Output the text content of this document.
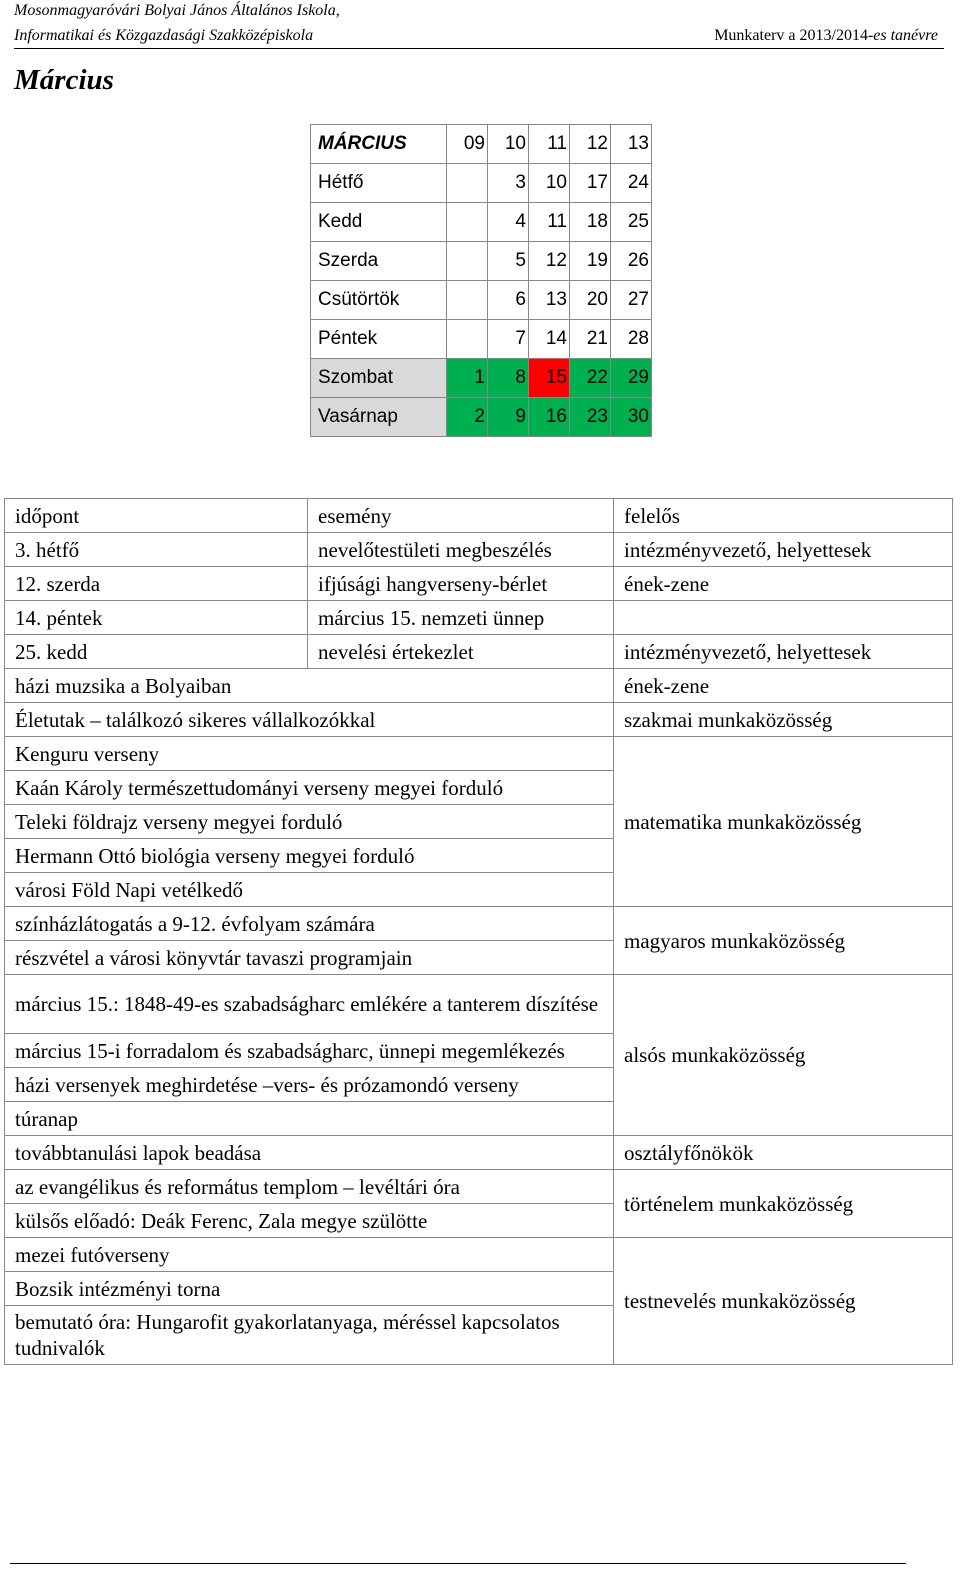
Mosonmagyaróvári Bolyai János Általános Iskola,
Informatikai és Közgazdasági Szakközépiskola	Munkaterv a 2013/2014-es tanévre
Március
MÁRCIUS	09	10	11	12	13
Hétfő		3	10	17	24
Kedd		4	11	18	25
Szerda		5	12	19	26
Csütörtök		6	13	20	27
Péntek		7	14	21	28
Szombat	1	8	15	22	29
Vasárnap	2	9	16	23	30
időpont	esemény	felelős
3. hétfő	nevelőtestületi megbeszélés	intézményvezető, helyettesek
12. szerda	ifjúsági hangverseny-bérlet	ének-zene
14. péntek	március 15. nemzeti ünnep	
25. kedd	nevelési értekezlet	intézményvezető, helyettesek
házi muzsika a Bolyaiban		ének-zene
Életutak – találkozó sikeres vállalkozókkal		szakmai munkaközösség
Kenguru verseny		matematika munkaközösség
Kaán Károly természettudományi verseny megyei forduló		
Teleki földrajz verseny megyei forduló		
Hermann Ottó biológia verseny megyei forduló		
városi Föld Napi vetélkedő		
színházlátogatás a 9-12. évfolyam számára		magyaros munkaközösség
részvétel a városi könyvtár tavaszi programjain		
március 15.: 1848-49-es szabadságharc emlékére a tanterem díszítése		alsós munkaközösség
március 15-i forradalom és szabadságharc, ünnepi megemlékezés		
házi versenyek meghirdetése –vers- és prózamondó verseny		
túranap		
továbbtanulási lapok beadása		osztályfőnökök
az evangélikus és református templom – levéltári óra		történelem munkaközösség
külsős előadó: Deák Ferenc, Zala megye szülötte		
mezei futóverseny		testnevelés munkaközösség
Bozsik intézményi torna		
bemutató óra: Hungarofit gyakorlatanyaga, méréssel kapcsolatos tudnivalók		
